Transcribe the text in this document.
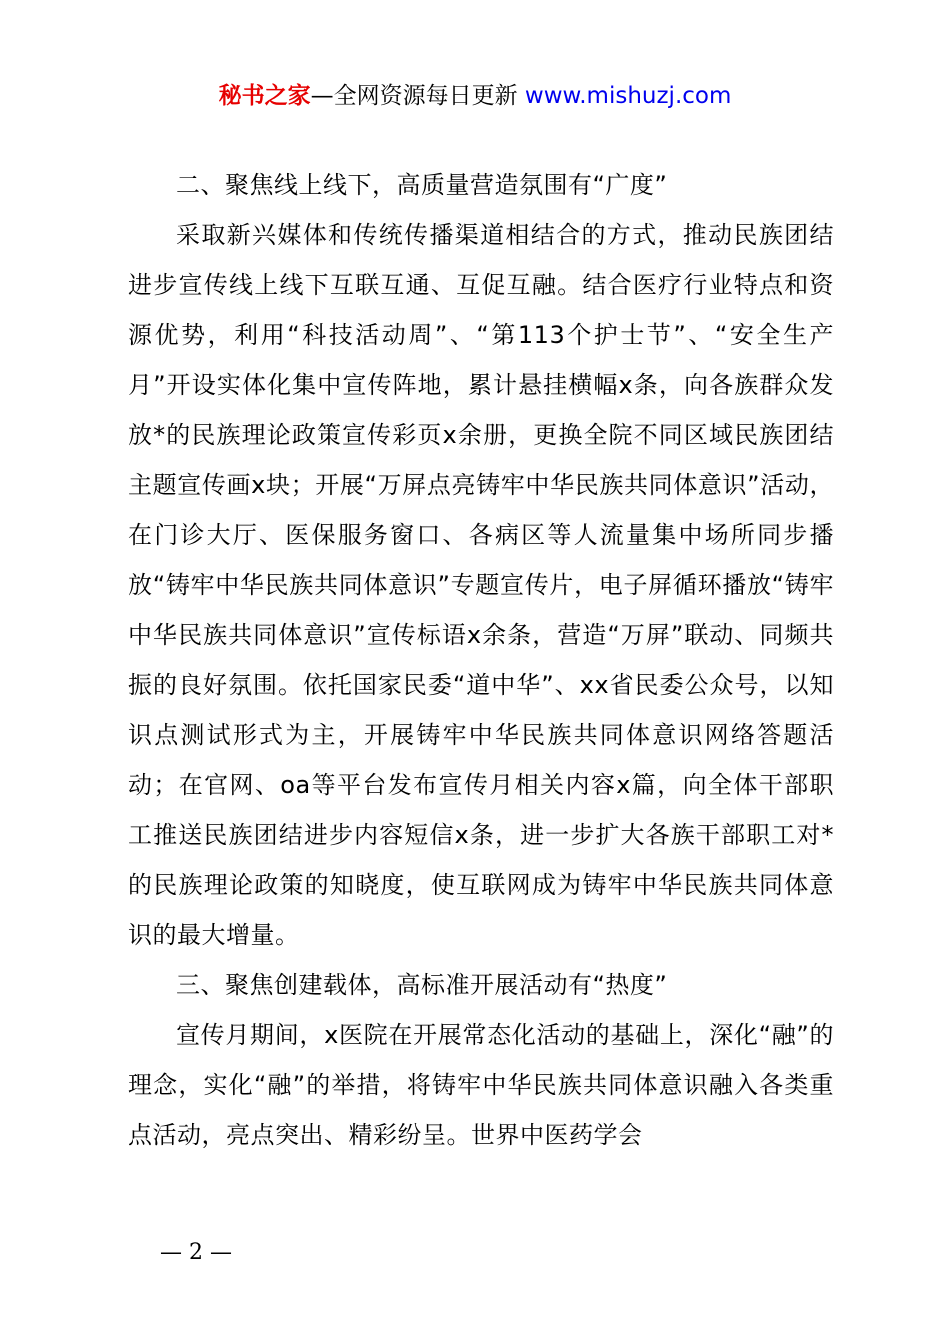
秘书之家—全网资源每日更新 www.mishuzj.com

二、聚焦线上线下，高质量营造氛围有“广度”

采取新兴媒体和传统传播渠道相结合的方式，推动民族团结进步宣传线上线下互联互通、互促互融。结合医疗行业特点和资源优势，利用“科技活动周”、“第113个护士节”、“安全生产月”开设实体化集中宣传阵地，累计悬挂横幅x条，向各族群众发放*的民族理论政策宣传彩页x余册，更换全院不同区域民族团结主题宣传画x块；开展“万屏点亮铸牢中华民族共同体意识”活动，在门诊大厅、医保服务窗口、各病区等人流量集中场所同步播放“铸牢中华民族共同体意识”专题宣传片，电子屏循环播放“铸牢中华民族共同体意识”宣传标语x余条，营造“万屏”联动、同频共振的良好氛围。依托国家民委“道中华”、xx省民委公众号，以知识点测试形式为主，开展铸牢中华民族共同体意识网络答题活动；在官网、oa等平台发布宣传月相关内容x篇，向全体干部职工推送民族团结进步内容短信x条，进一步扩大各族干部职工对*的民族理论政策的知晓度，使互联网成为铸牢中华民族共同体意识的最大增量。

三、聚焦创建载体，高标准开展活动有“热度”

宣传月期间，x医院在开展常态化活动的基础上，深化“融”的理念，实化“融”的举措，将铸牢中华民族共同体意识融入各类重点活动，亮点突出、精彩纷呈。世界中医药学会

— 2 —
